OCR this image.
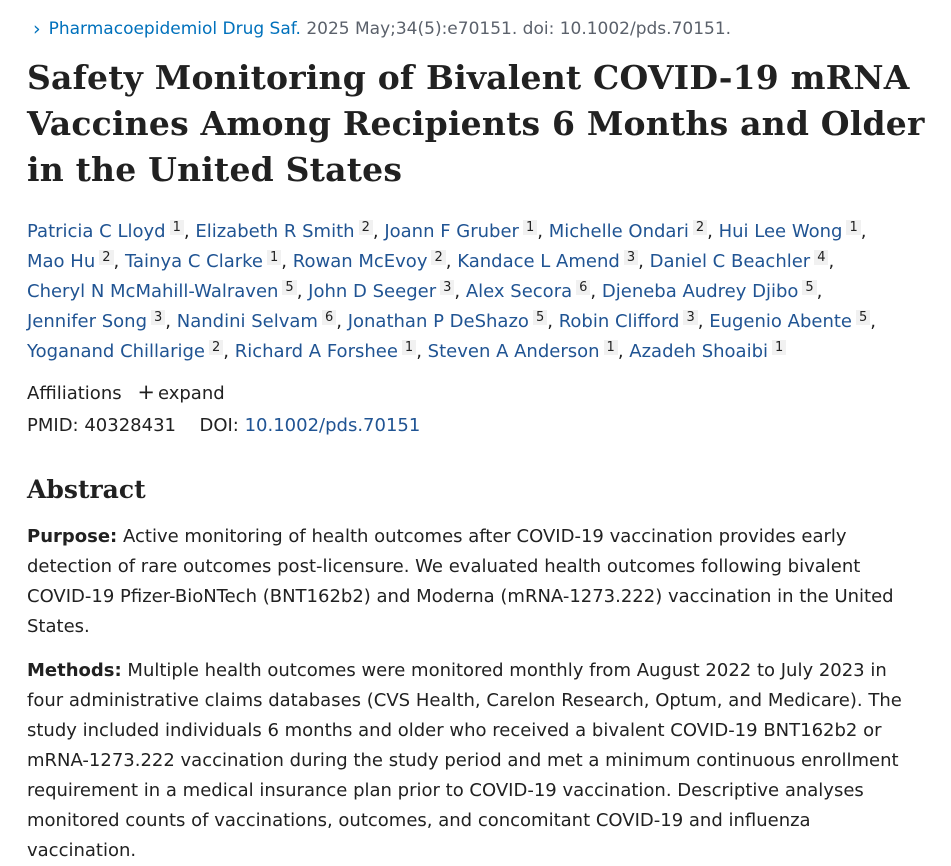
› Pharmacoepidemiol Drug Saf. 2025 May;34(5):e70151. doi: 10.1002/pds.70151.
Safety Monitoring of Bivalent COVID-19 mRNA Vaccines Among Recipients 6 Months and Older in the United States
Patricia C Lloyd $^1$ , Elizabeth R Smith $^2$ , Joann F Gruber $^1$ , Michelle Ondari $^2$ , Hui Lee Wong $^1$ , Mao Hu $^2$ , Tainya C Clarke $^1$ , Rowan McEvoy $^2$ , Kandace L Amend $^3$ , Daniel C Beachler $^4$ , Cheryl N McMahill-Walraven $^5$ , John D Seeger $^3$ , Alex Secora $^6$ , Djeneba Audrey Djibo $^5$ , Jennifer Song $^3$ , Nandini Selvam $^6$ , Jonathan P DeShazo $^5$ , Robin Clifford $^3$ , Eugenio Abente $^5$ , Yoganand Chillarige $^2$ , Richard A Forshee $^1$ , Steven A Anderson $^1$ , Azadeh Shoaibi $^1$
Affiliations + expand
PMID: 40328431 DOI: 10.1002/pds.70151
Abstract
Purpose: Active monitoring of health outcomes after COVID-19 vaccination provides early detection of rare outcomes post-licensure. We evaluated health outcomes following bivalent COVID-19 Pfizer-BioNTech (BNT162b2) and Moderna (mRNA-1273.222) vaccination in the United States.
Methods: Multiple health outcomes were monitored monthly from August 2022 to July 2023 in four administrative claims databases (CVS Health, Carelon Research, Optum, and Medicare). The study included individuals 6 months and older who received a bivalent COVID-19 BNT162b2 or mRNA-1273.222 vaccination during the study period and met a minimum continuous enrollment requirement in a medical insurance plan prior to COVID-19 vaccination. Descriptive analyses monitored counts of vaccinations, outcomes, and concomitant COVID-19 and influenza vaccination.
